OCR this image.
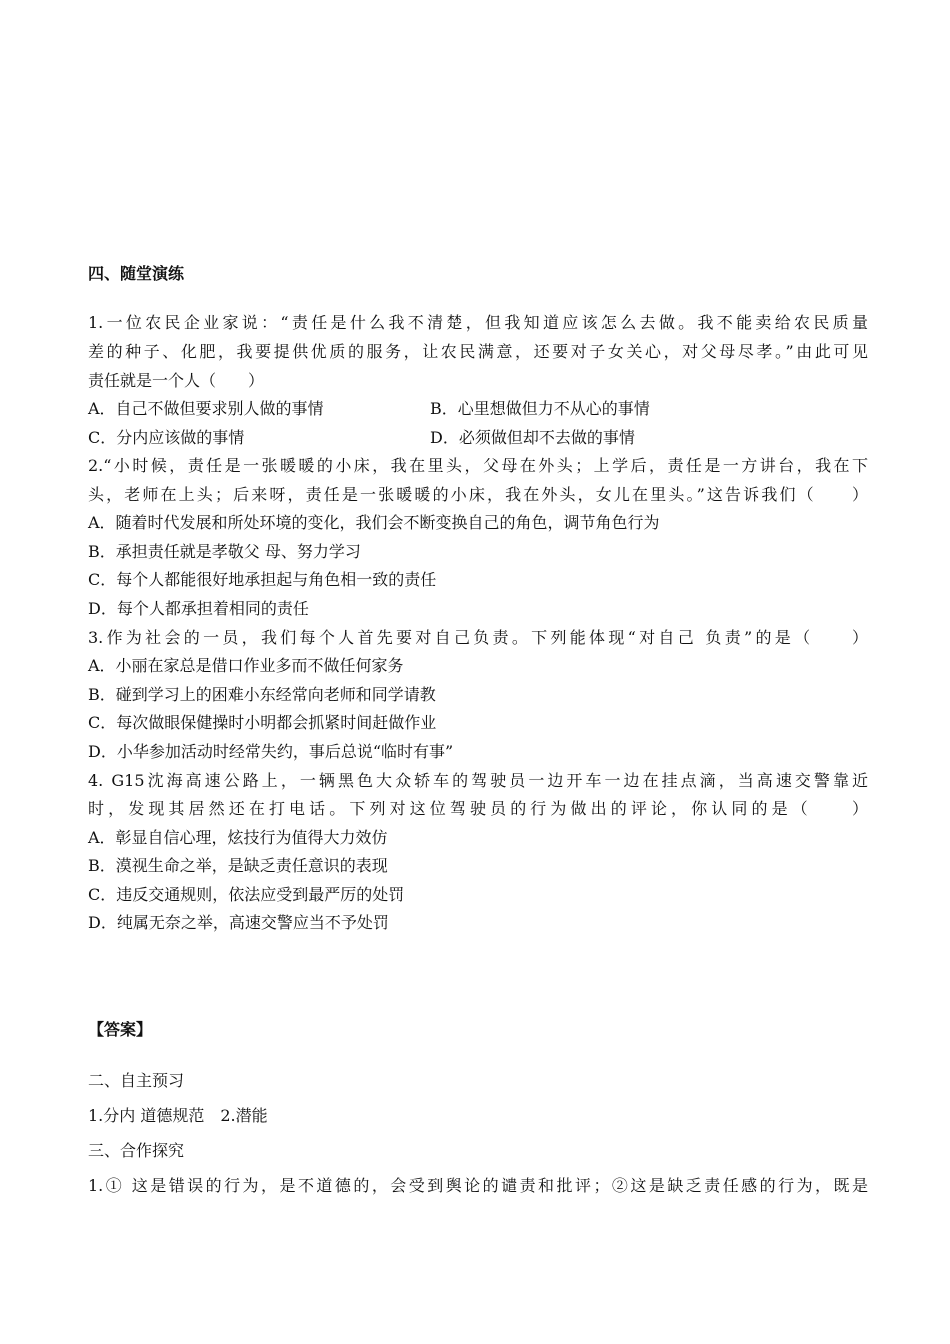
四、随堂演练
1.一位农民企业家说：“责任是什么我不清楚，但我知道应该怎么去做。我不能卖给农民质量
差的种子、化肥，我要提供优质的服务，让农民满意，还要对子女关心，对父母尽孝。”由此可见
责任就是一个人（　　）
A．自己不做但要求别人做的事情	B．心里想做但力不从心的事情
C．分内应该做的事情	D．必须做但却不去做的事情
2.“小时候，责任是一张暖暖的小床，我在里头，父母在外头；上学后，责任是一方讲台，我在下
头，老师在上头；后来呀，责任是一张暖暖的小床，我在外头，女儿在里头。”这告诉我们（　　）
A．随着时代发展和所处环境的变化，我们会不断变换自己的角色，调节角色行为
B．承担责任就是孝敬父 母、努力学习
C．每个人都能很好地承担起与角色相一致的责任
D．每个人都承担着相同的责任
3.作为社会的一员，我们每个人首先要对自己负责。下列能体现“对自己 负责”的是（　　）
A．小丽在家总是借口作业多而不做任何家务
B．碰到学习上的困难小东经常向老师和同学请教
C．每次做眼保健操时小明都会抓紧时间赶做作业
D．小华参加活动时经常失约，事后总说“临时有事”
4. G15沈海高速公路上，一辆黑色大众轿车的驾驶员一边开车一边在挂点滴，当高速交警靠近
时，发现其居然还在打电话。下列对这位驾驶员的行为做出的评论，你认同的是（　　）
A．彰显自信心理，炫技行为值得大力效仿
B．漠视生命之举，是缺乏责任意识的表现
C．违反交通规则，依法应受到最严厉的处罚
D．纯属无奈之举，高速交警应当不予处罚
【答案】
二、自主预习
1.分内 道德规范　2.潜能
三、合作探究
1.① 这是错误的行为，是不道德的，会受到舆论的谴责和批评；②这是缺乏责任感的行为，既是
